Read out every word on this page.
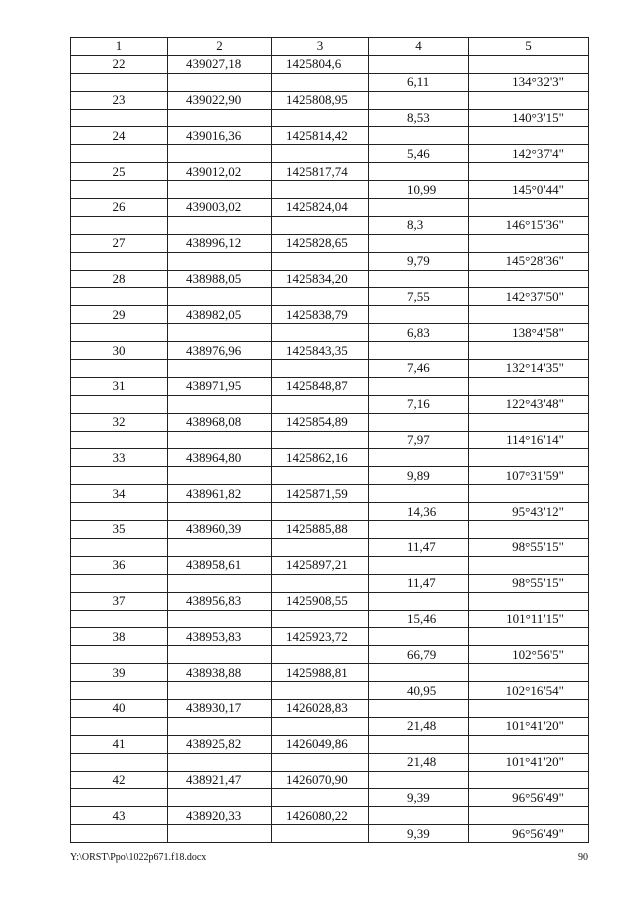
1	2	3	4	5
22	439027,18	1425804,6		
			6,11	134°32'3"
23	439022,90	1425808,95		
			8,53	140°3'15"
24	439016,36	1425814,42		
			5,46	142°37'4"
25	439012,02	1425817,74		
			10,99	145°0'44"
26	439003,02	1425824,04		
			8,3	146°15'36"
27	438996,12	1425828,65		
			9,79	145°28'36"
28	438988,05	1425834,20		
			7,55	142°37'50"
29	438982,05	1425838,79		
			6,83	138°4'58"
30	438976,96	1425843,35		
			7,46	132°14'35"
31	438971,95	1425848,87		
			7,16	122°43'48"
32	438968,08	1425854,89		
			7,97	114°16'14"
33	438964,80	1425862,16		
			9,89	107°31'59"
34	438961,82	1425871,59		
			14,36	95°43'12"
35	438960,39	1425885,88		
			11,47	98°55'15"
36	438958,61	1425897,21		
			11,47	98°55'15"
37	438956,83	1425908,55		
			15,46	101°11'15"
38	438953,83	1425923,72		
			66,79	102°56'5"
39	438938,88	1425988,81		
			40,95	102°16'54"
40	438930,17	1426028,83		
			21,48	101°41'20"
41	438925,82	1426049,86		
			21,48	101°41'20"
42	438921,47	1426070,90		
			9,39	96°56'49"
43	438920,33	1426080,22		
			9,39	96°56'49"
Y:\ORST\Ppo\1022p671.f18.docx	90
